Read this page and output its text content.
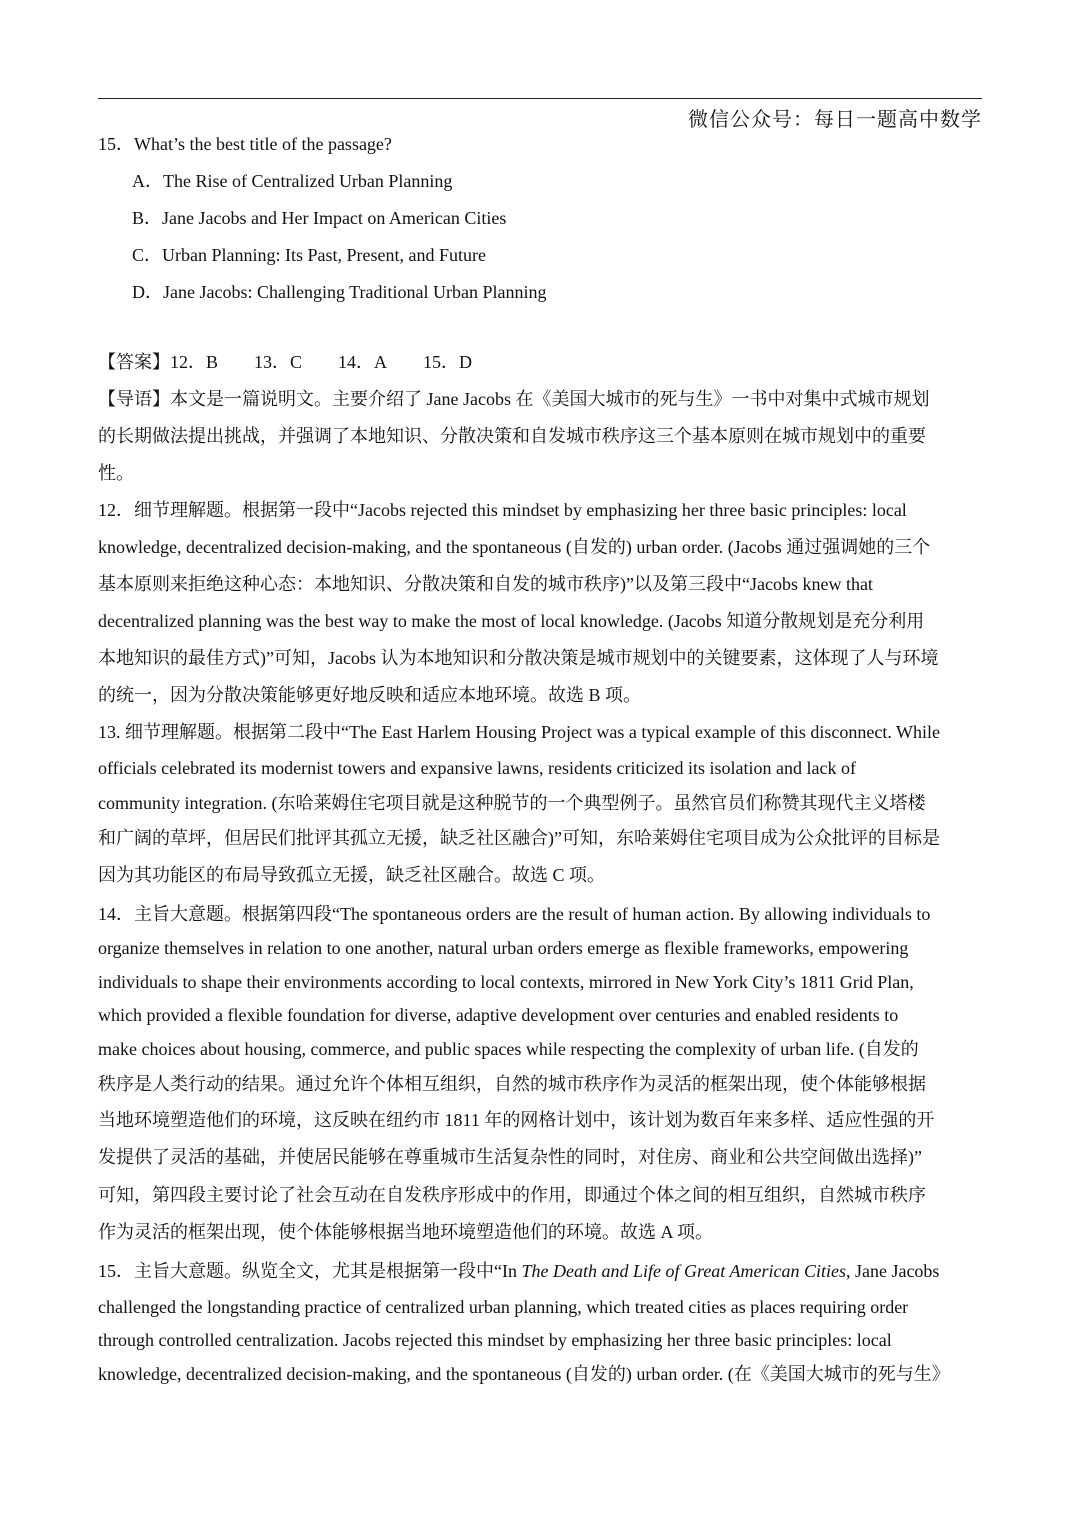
微信公众号：每日一题高中数学
15．What’s the best title of the passage?
A．The Rise of Centralized Urban Planning
B．Jane Jacobs and Her Impact on American Cities
C．Urban Planning: Its Past, Present, and Future
D．Jane Jacobs: Challenging Traditional Urban Planning
【答案】12．B 13．C 14．A 15．D
【导语】本文是一篇说明文。主要介绍了 Jane Jacobs 在《美国大城市的死与生》一书中对集中式城市规划
的长期做法提出挑战，并强调了本地知识、分散决策和自发城市秩序这三个基本原则在城市规划中的重要
性。
12．细节理解题。根据第一段中“Jacobs rejected this mindset by emphasizing her three basic principles: local
knowledge, decentralized decision-making, and the spontaneous (自发的) urban order. (Jacobs 通过强调她的三个
基本原则来拒绝这种心态：本地知识、分散决策和自发的城市秩序)”以及第三段中“Jacobs knew that
decentralized planning was the best way to make the most of local knowledge. (Jacobs 知道分散规划是充分利用
本地知识的最佳方式)”可知，Jacobs 认为本地知识和分散决策是城市规划中的关键要素，这体现了人与环境
的统一，因为分散决策能够更好地反映和适应本地环境。故选 B 项。
13. 细节理解题。根据第二段中“The East Harlem Housing Project was a typical example of this disconnect. While
officials celebrated its modernist towers and expansive lawns, residents criticized its isolation and lack of
community integration. (东哈莱姆住宅项目就是这种脱节的一个典型例子。虽然官员们称赞其现代主义塔楼
和广阔的草坪，但居民们批评其孤立无援，缺乏社区融合)”可知，东哈莱姆住宅项目成为公众批评的目标是
因为其功能区的布局导致孤立无援，缺乏社区融合。故选 C 项。
14．主旨大意题。根据第四段“The spontaneous orders are the result of human action. By allowing individuals to
organize themselves in relation to one another, natural urban orders emerge as flexible frameworks, empowering
individuals to shape their environments according to local contexts, mirrored in New York City’s 1811 Grid Plan,
which provided a flexible foundation for diverse, adaptive development over centuries and enabled residents to
make choices about housing, commerce, and public spaces while respecting the complexity of urban life. (自发的
秩序是人类行动的结果。通过允许个体相互组织，自然的城市秩序作为灵活的框架出现，使个体能够根据
当地环境塑造他们的环境，这反映在纽约市 1811 年的网格计划中，该计划为数百年来多样、适应性强的开
发提供了灵活的基础，并使居民能够在尊重城市生活复杂性的同时，对住房、商业和公共空间做出选择)”
可知，第四段主要讨论了社会互动在自发秩序形成中的作用，即通过个体之间的相互组织，自然城市秩序
作为灵活的框架出现，使个体能够根据当地环境塑造他们的环境。故选 A 项。
15．主旨大意题。纵览全文，尤其是根据第一段中“In The Death and Life of Great American Cities, Jane Jacobs
challenged the longstanding practice of centralized urban planning, which treated cities as places requiring order
through controlled centralization. Jacobs rejected this mindset by emphasizing her three basic principles: local
knowledge, decentralized decision-making, and the spontaneous (自发的) urban order. (在《美国大城市的死与生》
